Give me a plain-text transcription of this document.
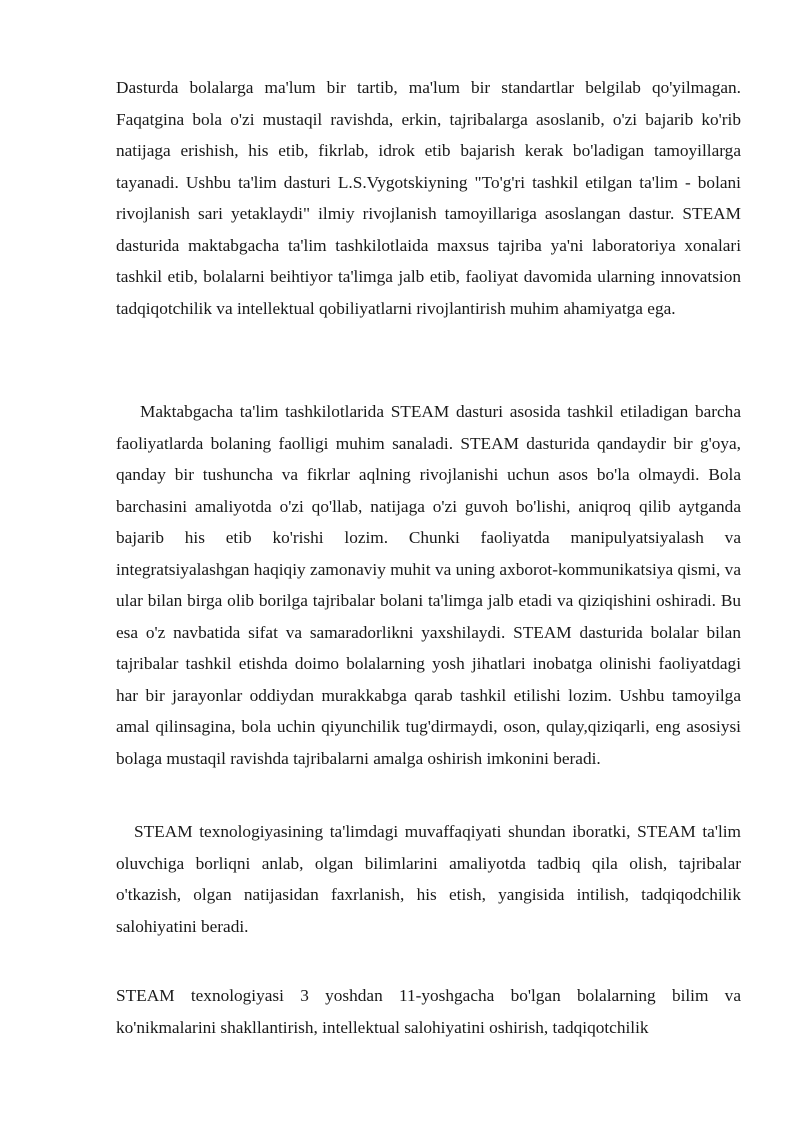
Dasturda bolalarga ma'lum bir tartib, ma'lum bir standartlar belgilab qo'yilmagan. Faqatgina bola o'zi mustaqil ravishda, erkin, tajribalarga asoslanib, o'zi bajarib ko'rib natijaga erishish, his etib, fikrlab, idrok etib bajarish kerak bo'ladigan tamoyillarga tayanadi. Ushbu ta'lim dasturi L.S.Vygotskiyning "To'g'ri tashkil etilgan ta'lim - bolani rivojlanish sari yetaklaydi" ilmiy rivojlanish tamoyillariga asoslangan dastur. STEAM dasturida maktabgacha ta'lim tashkilotlaida maxsus tajriba ya'ni laboratoriya xonalari tashkil etib, bolalarni beihtiyor ta'limga jalb etib, faoliyat davomida ularning innovatsion tadqiqotchilik va intellektual qobiliyatlarni rivojlantirish muhim ahamiyatga ega.

Maktabgacha ta'lim tashkilotlarida STEAM dasturi asosida tashkil etiladigan barcha faoliyatlarda bolaning faolligi muhim sanaladi. STEAM dasturida qandaydir bir g'oya, qanday bir tushuncha va fikrlar aqlning rivojlanishi uchun asos bo'la olmaydi. Bola barchasini amaliyotda o'zi qo'llab, natijaga o'zi guvoh bo'lishi, aniqroq qilib aytganda bajarib his etib ko'rishi lozim. Chunki faoliyatda manipulyatsiyalash va integratsiyalashgan haqiqiy zamonaviy muhit va uning axborot-kommunikatsiya qismi, va ular bilan birga olib borilga tajribalar bolani ta'limga jalb etadi va qiziqishini oshiradi. Bu esa o'z navbatida sifat va samaradorlikni yaxshilaydi. STEAM dasturida bolalar bilan tajribalar tashkil etishda doimo bolalarning yosh jihatlari inobatga olinishi faoliyatdagi har bir jarayonlar oddiydan murakkabga qarab tashkil etilishi lozim. Ushbu tamoyilga amal qilinsagina, bola uchin qiyunchilik tug'dirmaydi, oson, qulay,qiziqarli, eng asosiysi bolaga mustaqil ravishda tajribalarni amalga oshirish imkonini beradi.

STEAM texnologiyasining ta'limdagi muvaffaqiyati shundan iboratki, STEAM ta'lim oluvchiga borliqni anlab, olgan bilimlarini amaliyotda tadbiq qila olish, tajribalar o'tkazish, olgan natijasidan faxrlanish, his etish, yangisida intilish, tadqiqodchilik salohiyatini beradi.

STEAM texnologiyasi 3 yoshdan 11-yoshgacha bo'lgan bolalarning bilim va ko'nikmalarini shakllantirish, intellektual salohiyatini oshirish, tadqiqotchilik
